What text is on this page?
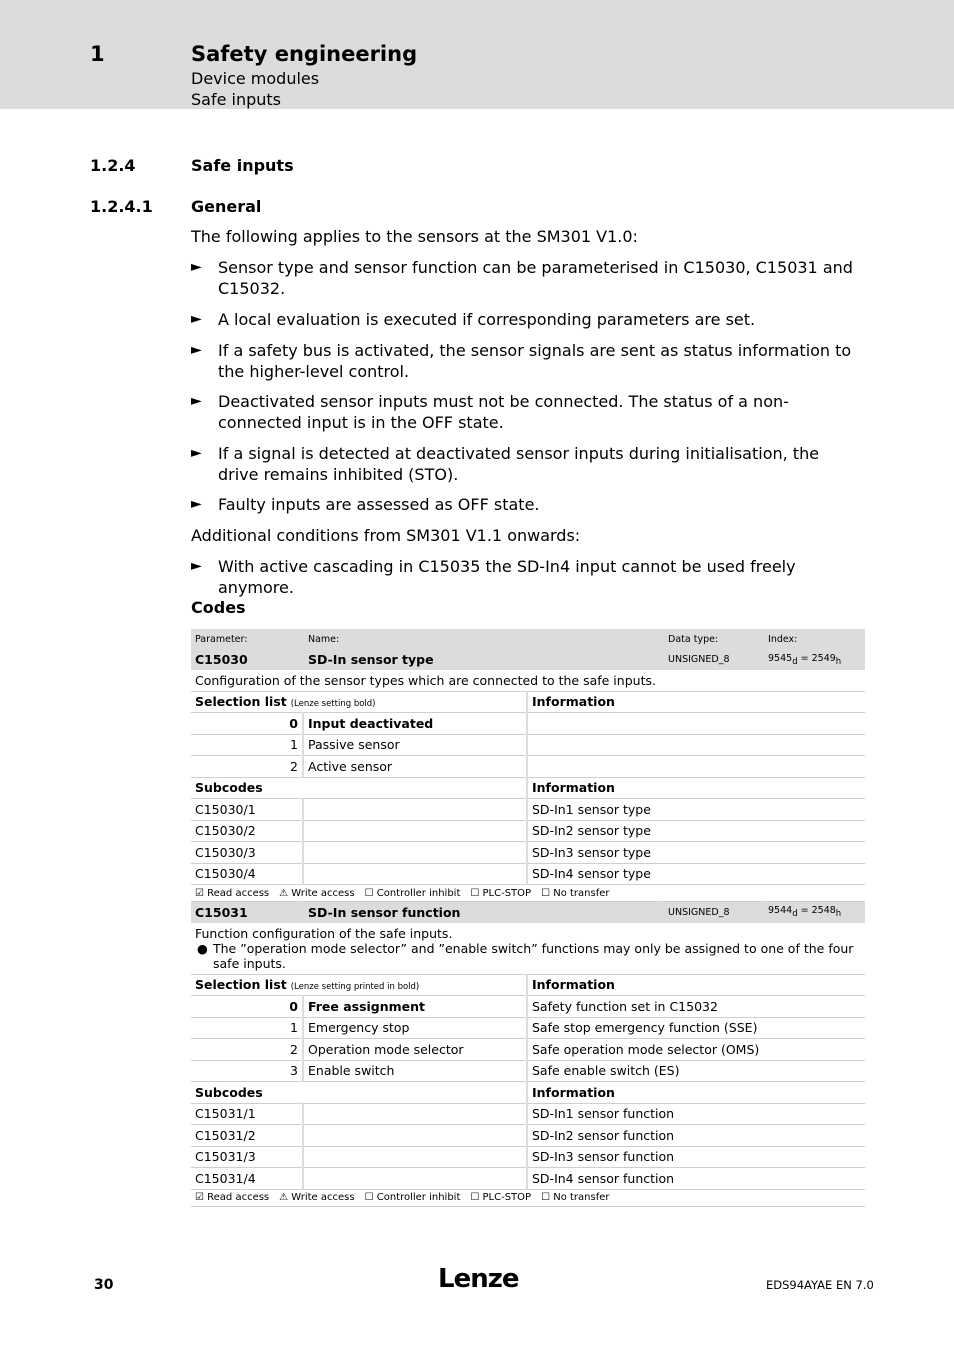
1	Safety engineering
Device modules
Safe inputs
1.2.4	Safe inputs
1.2.4.1 General
The following applies to the sensors at the SM301 V1.0:
► Sensor type and sensor function can be parameterised in C15030, C15031 and C15032.
► A local evaluation is executed if corresponding parameters are set.
► If a safety bus is activated, the sensor signals are sent as status information to the higher-level control.
► Deactivated sensor inputs must not be connected. The status of a non-connected input is in the OFF state.
► If a signal is detected at deactivated sensor inputs during initialisation, the drive remains inhibited (STO).
► Faulty inputs are assessed as OFF state.
Additional conditions from SM301 V1.1 onwards:
► With active cascading in C15035 the SD-In4 input cannot be used freely anymore.
Codes
Parameter:	Name:		Data type:	Index:
C15030	SD-In sensor type		UNSIGNED_8	$9545_d = 2549_h$
Configuration of the sensor types which are connected to the safe inputs.				
Selection list (Lenze setting bold)		Information		
0	Input deactivated			
1	Passive sensor			
2	Active sensor			
Subcodes		Information		
C15030/1		SD-In1 sensor type		
C15030/2		SD-In2 sensor type		
C15030/3		SD-In3 sensor type		
C15030/4		SD-In4 sensor type		
☑ Read access ⚠ Write access ☐ Controller inhibit ☐ PLC-STOP ☐ No transfer				
C15031	SD-In sensor function		UNSIGNED_8	$9544_d = 2548_h$

Function configuration of the safe inputs.
● The ”operation mode selector” and ”enable switch” functions may only be assigned to one of the four safe inputs.				

Selection list (Lenze setting printed in bold)		Information		
0	Free assignment	Safety function set in C15032		
1	Emergency stop	Safe stop emergency function (SSE)		
2	Operation mode selector	Safe operation mode selector (OMS)		
3	Enable switch	Safe enable switch (ES)		
Subcodes		Information		
C15031/1		SD-In1 sensor function		
C15031/2		SD-In2 sensor function		
C15031/3		SD-In3 sensor function		
C15031/4		SD-In4 sensor function		
☑ Read access ⚠ Write access ☐ Controller inhibit ☐ PLC-STOP ☐ No transfer				
30	Lenze	EDS94AYAE EN 7.0
